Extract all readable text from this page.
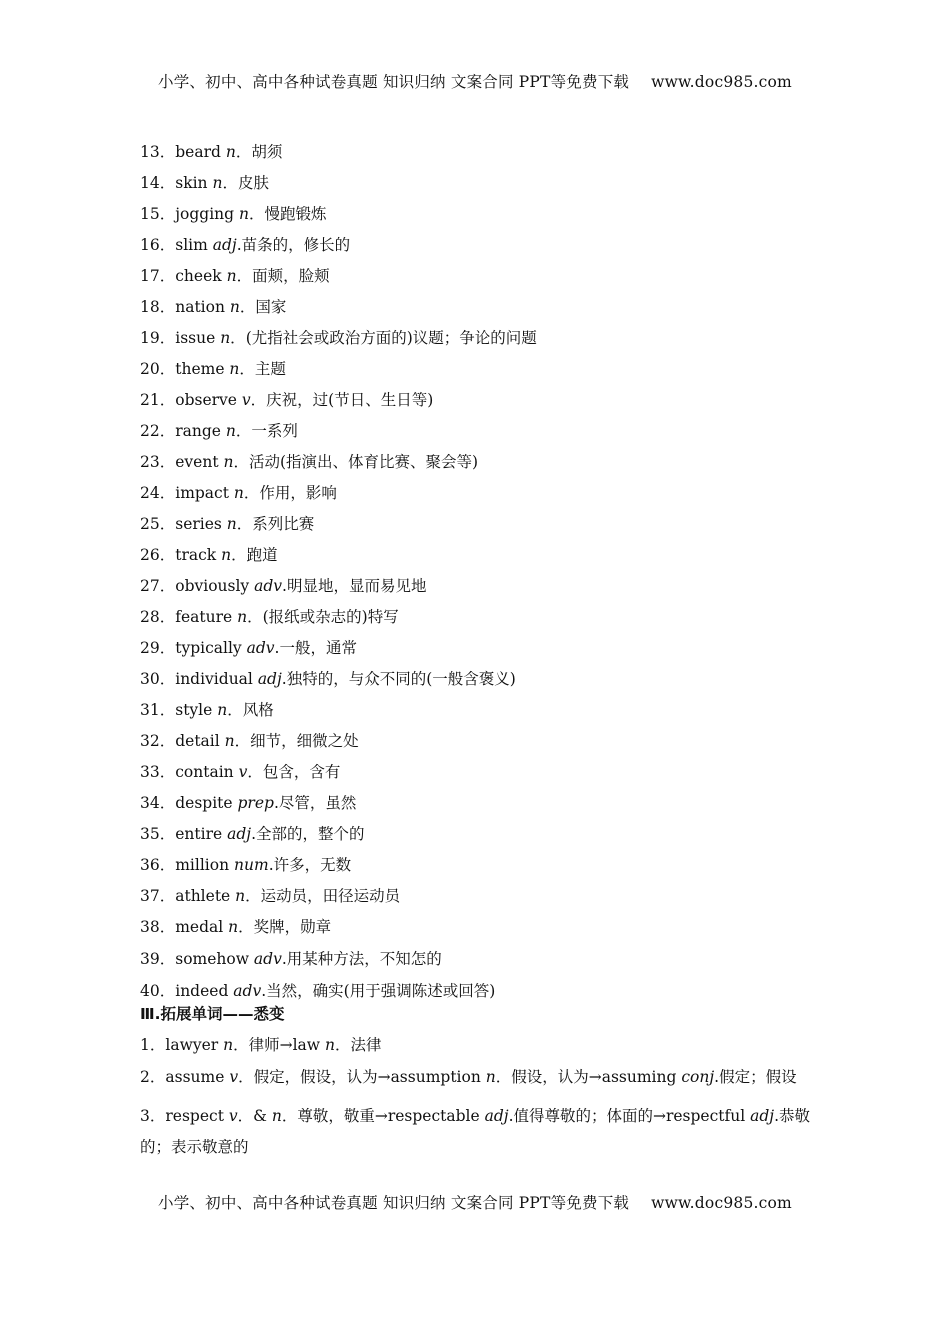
小学、初中、高中各种试卷真题 知识归纳 文案合同 PPT等免费下载 www.doc985.com
13．beard n．胡须
14．skin n．皮肤
15．jogging n．慢跑锻炼
16．slim adj.苗条的，修长的
17．cheek n．面颊，脸颊
18．nation n．国家
19．issue n．(尤指社会或政治方面的)议题；争论的问题
20．theme n．主题
21．observe v．庆祝，过(节日、生日等)
22．range n．一系列
23．event n．活动(指演出、体育比赛、聚会等)
24．impact n．作用，影响
25．series n．系列比赛
26．track n．跑道
27．obviously adv.明显地，显而易见地
28．feature n．(报纸或杂志的)特写
29．typically adv.一般，通常
30．individual adj.独特的，与众不同的(一般含褒义)
31．style n．风格
32．detail n．细节，细微之处
33．contain v．包含，含有
34．despite prep.尽管，虽然
35．entire adj.全部的，整个的
36．million num.许多，无数
37．athlete n．运动员，田径运动员
38．medal n．奖牌，勋章
39．somehow adv.用某种方法，不知怎的
40．indeed adv.当然，确实(用于强调陈述或回答)
Ⅲ.拓展单词——悉变
1．lawyer n．律师→law n．法律
2．assume v．假定，假设，认为→assumption n．假设，认为→assuming conj.假定；假设
3．respect v．& n．尊敬，敬重→respectable adj.值得尊敬的；体面的→respectful adj.恭敬的；表示敬意的
小学、初中、高中各种试卷真题 知识归纳 文案合同 PPT等免费下载 www.doc985.com
